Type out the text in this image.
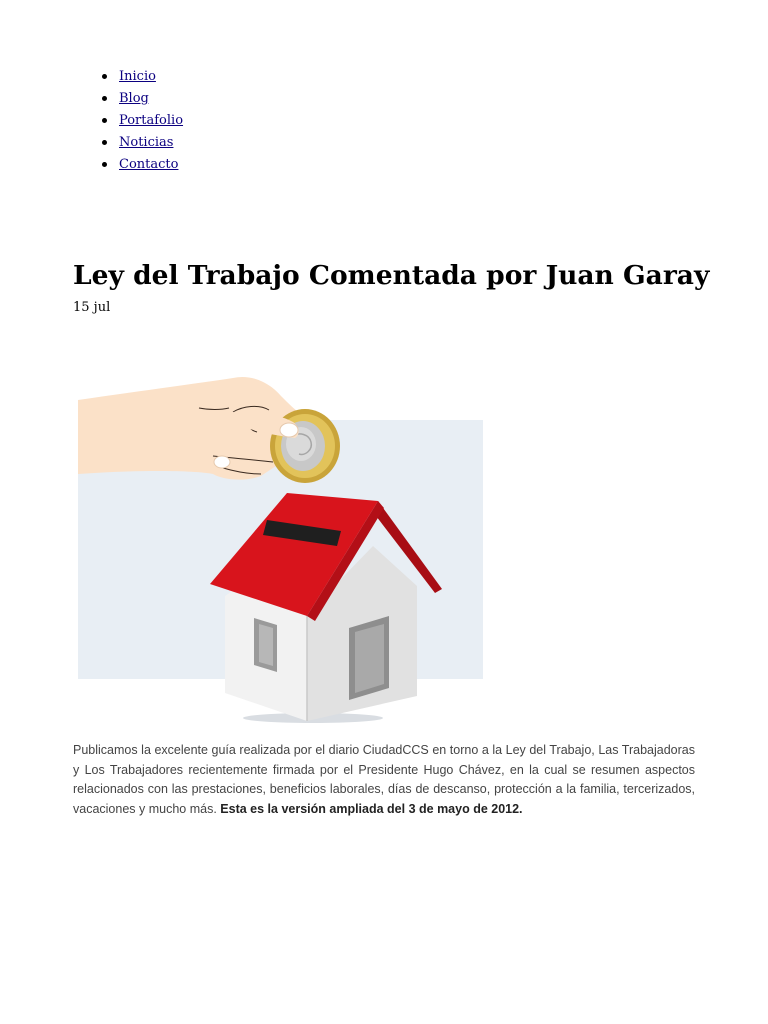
Inicio
Blog
Portafolio
Noticias
Contacto
Ley del Trabajo Comentada por Juan Garay
15 jul

Publicamos la excelente guía realizada por el diario CiudadCCS en torno a la Ley del Trabajo, Las Trabajadoras y Los Trabajadores recientemente firmada por el Presidente Hugo Chávez, en la cual se resumen aspectos relacionados con las prestaciones, beneficios laborales, días de descanso, protección a la familia, tercerizados, vacaciones y mucho más. Esta es la versión ampliada del 3 de mayo de 2012.
